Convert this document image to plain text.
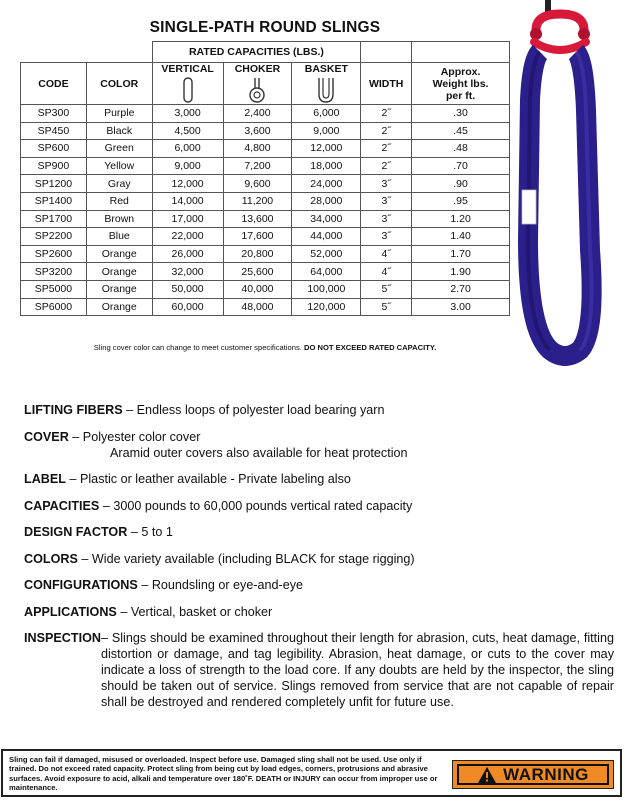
SINGLE-PATH ROUND SLINGS
		RATED CAPACITIES (LBS.)				
CODE	COLOR	VERTICAL	CHOKER	BASKET	WIDTH	Approx. Weight lbs. per ft.

SP300	Purple	3,000	2,400	6,000	2˝	.30
SP450	Black	4,500	3,600	9,000	2˝	.45
SP600	Green	6,000	4,800	12,000	2˝	.48
SP900	Yellow	9,000	7,200	18,000	2˝	.70
SP1200	Gray	12,000	9,600	24,000	3˝	.90
SP1400	Red	14,000	11,200	28,000	3˝	.95
SP1700	Brown	17,000	13,600	34,000	3˝	1.20
SP2200	Blue	22,000	17,600	44,000	3˝	1.40
SP2600	Orange	26,000	20,800	52,000	4˝	1.70
SP3200	Orange	32,000	25,600	64,000	4˝	1.90
SP5000	Orange	50,000	40,000	100,000	5˝	2.70
SP6000	Orange	60,000	48,000	120,000	5˝	3.00
Sling cover color can change to meet customer specifications. DO NOT EXCEED RATED CAPACITY.
LIFTING FIBERS – Endless loops of polyester load bearing yarn
COVER – Polyester color cover
Aramid outer covers also available for heat protection
LABEL – Plastic or leather available - Private labeling also
CAPACITIES – 3000 pounds to 60,000 pounds vertical rated capacity
DESIGN FACTOR – 5 to 1
COLORS – Wide variety available (including BLACK for stage rigging)
CONFIGURATIONS – Roundsling or eye-and-eye
APPLICATIONS – Vertical, basket or choker
INSPECTION – Slings should be examined throughout their length for abrasion, cuts, heat damage, fitting distortion or damage, and tag legibility. Abrasion, heat damage, or cuts to the cover may indicate a loss of strength to the load core. If any doubts are held by the inspector, the sling should be taken out of service. Slings removed from service that are not capable of repair shall be destroyed and rendered completely unfit for future use.
Sling can fail if damaged, misused or overloaded. Inspect before use. Damaged sling shall not be used. Use only if trained. Do not exceed rated capacity. Protect sling from being cut by load edges, corners, protrusions and abrasive surfaces. Avoid exposure to acid, alkali and temperature over 180˚F. DEATH or INJURY can occur from improper use or maintenance.
WARNING
